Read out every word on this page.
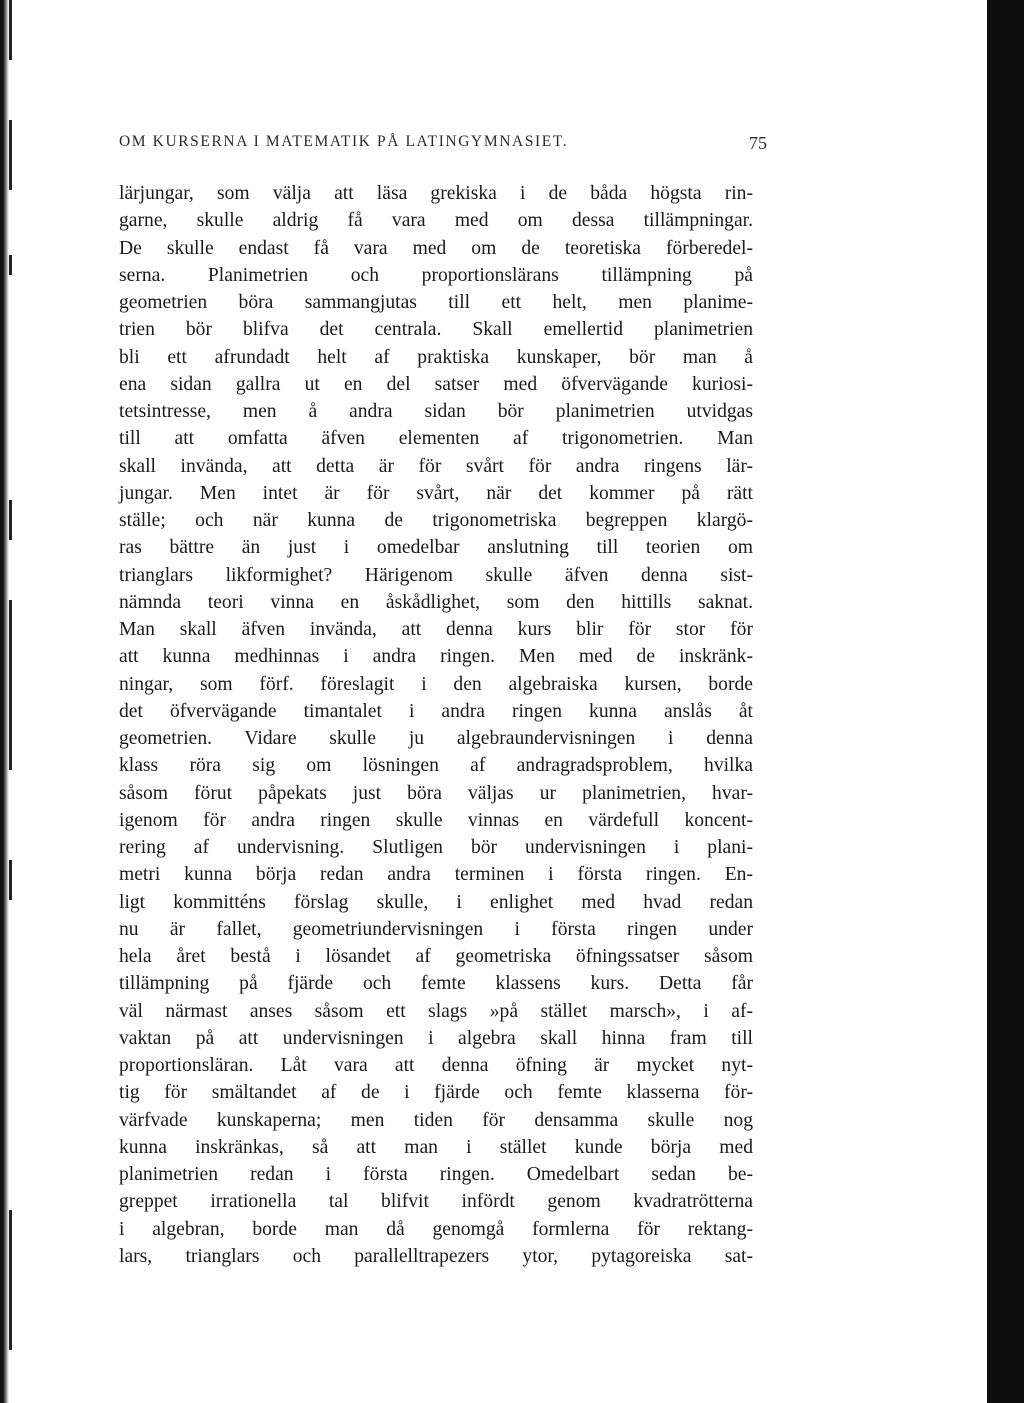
OM KURSERNA I MATEMATIK PÅ LATINGYMNASIET.	75
lärjungar, som välja att läsa grekiska i de båda högsta rin-
garne, skulle aldrig få vara med om dessa tillämpningar.
De skulle endast få vara med om de teoretiska förberedel-
serna. Planimetrien och proportionslärans tillämpning på
geometrien böra sammangjutas till ett helt, men planime-
trien bör blifva det centrala. Skall emellertid planimetrien
bli ett afrundadt helt af praktiska kunskaper, bör man å
ena sidan gallra ut en del satser med öfvervägande kuriosi-
tetsintresse, men å andra sidan bör planimetrien utvidgas
till att omfatta äfven elementen af trigonometrien. Man
skall invända, att detta är för svårt för andra ringens lär-
jungar. Men intet är för svårt, när det kommer på rätt
ställe; och när kunna de trigonometriska begreppen klargö-
ras bättre än just i omedelbar anslutning till teorien om
trianglars likformighet? Härigenom skulle äfven denna sist-
nämnda teori vinna en åskådlighet, som den hittills saknat.
Man skall äfven invända, att denna kurs blir för stor för
att kunna medhinnas i andra ringen. Men med de inskränk-
ningar, som förf. föreslagit i den algebraiska kursen, borde
det öfvervägande timantalet i andra ringen kunna anslås åt
geometrien. Vidare skulle ju algebraundervisningen i denna
klass röra sig om lösningen af andragradsproblem, hvilka
såsom förut påpekats just böra väljas ur planimetrien, hvar-
igenom för andra ringen skulle vinnas en värdefull koncent-
rering af undervisning. Slutligen bör undervisningen i plani-
metri kunna börja redan andra terminen i första ringen. En-
ligt kommitténs förslag skulle, i enlighet med hvad redan
nu är fallet, geometriundervisningen i första ringen under
hela året bestå i lösandet af geometriska öfningssatser såsom
tillämpning på fjärde och femte klassens kurs. Detta får
väl närmast anses såsom ett slags »på stället marsch», i af-
vaktan på att undervisningen i algebra skall hinna fram till
proportionsläran. Låt vara att denna öfning är mycket nyt-
tig för smältandet af de i fjärde och femte klasserna för-
värfvade kunskaperna; men tiden för densamma skulle nog
kunna inskränkas, så att man i stället kunde börja med
planimetrien redan i första ringen. Omedelbart sedan be-
greppet irrationella tal blifvit infördt genom kvadratrötterna
i algebran, borde man då genomgå formlerna för rektang-
lars, trianglars och parallelltrapezers ytor, pytagoreiska sat-
